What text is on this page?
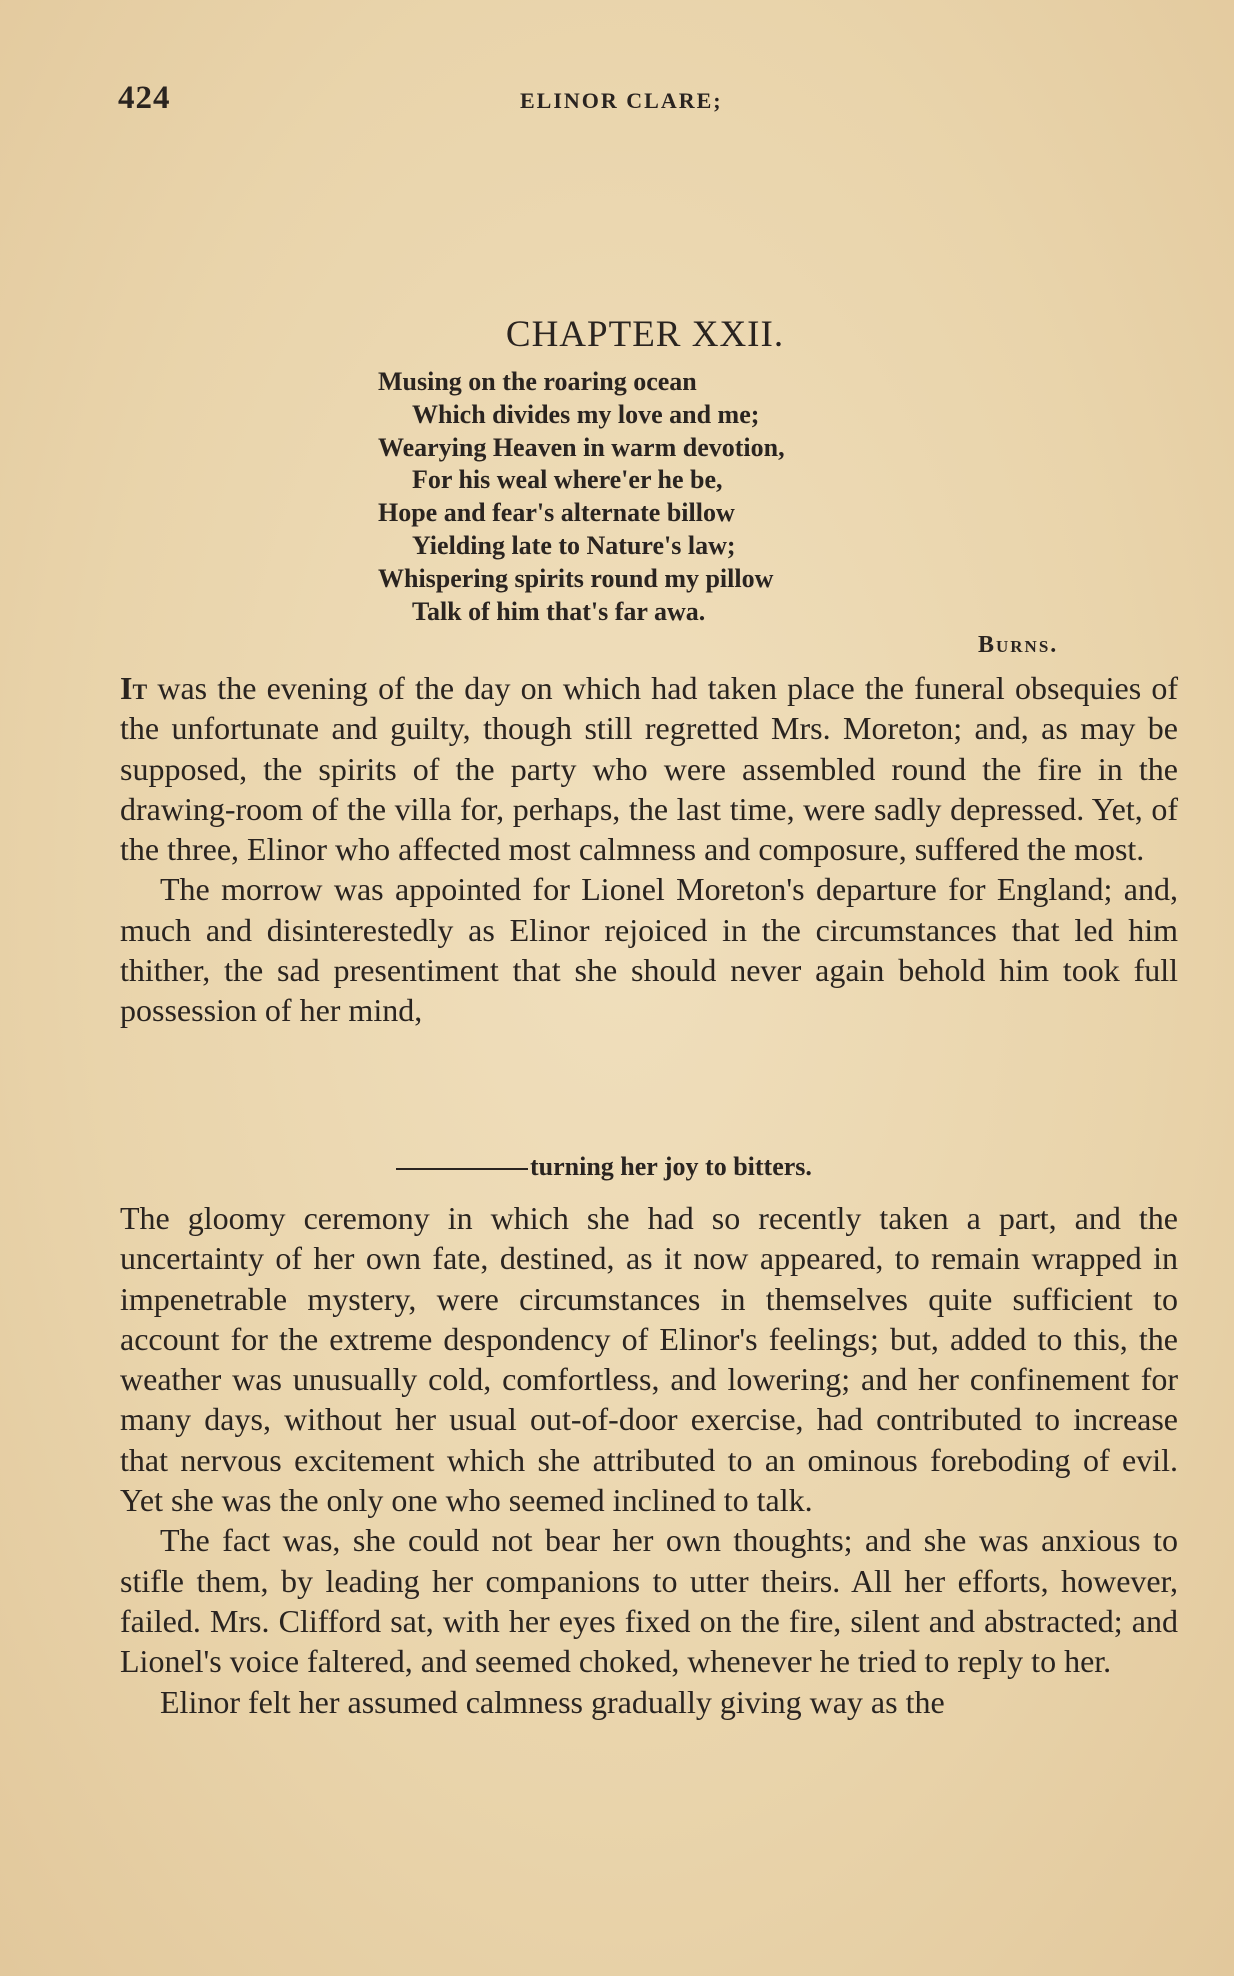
424	ELINOR CLARE;
CHAPTER XXII.
Musing on the roaring ocean
Which divides my love and me;
Wearying Heaven in warm devotion,
For his weal where'er he be,
Hope and fear's alternate billow
Yielding late to Nature's law;
Whispering spirits round my pillow
Talk of him that's far awa.
Burns.

It was the evening of the day on which had taken place the funeral obsequies of the unfortunate and guilty, though still regretted Mrs. Moreton; and, as may be supposed, the spirits of the party who were assembled round the fire in the drawing-room of the villa for, perhaps, the last time, were sadly depressed. Yet, of the three, Elinor who affected most calmness and composure, suffered the most.

The morrow was appointed for Lionel Moreton's departure for England; and, much and disinterestedly as Elinor rejoiced in the circumstances that led him thither, the sad presentiment that she should never again behold him took full possession of her mind,

turning her joy to bitters.

The gloomy ceremony in which she had so recently taken a part, and the uncertainty of her own fate, destined, as it now appeared, to remain wrapped in impenetrable mystery, were circumstances in themselves quite sufficient to account for the extreme despondency of Elinor's feelings; but, added to this, the weather was unusually cold, comfortless, and lowering; and her confinement for many days, without her usual out-of-door exercise, had contributed to increase that nervous excitement which she attributed to an ominous foreboding of evil. Yet she was the only one who seemed inclined to talk.

The fact was, she could not bear her own thoughts; and she was anxious to stifle them, by leading her companions to utter theirs. All her efforts, however, failed. Mrs. Clifford sat, with her eyes fixed on the fire, silent and abstracted; and Lionel's voice faltered, and seemed choked, whenever he tried to reply to her.

Elinor felt her assumed calmness gradually giving way as the
